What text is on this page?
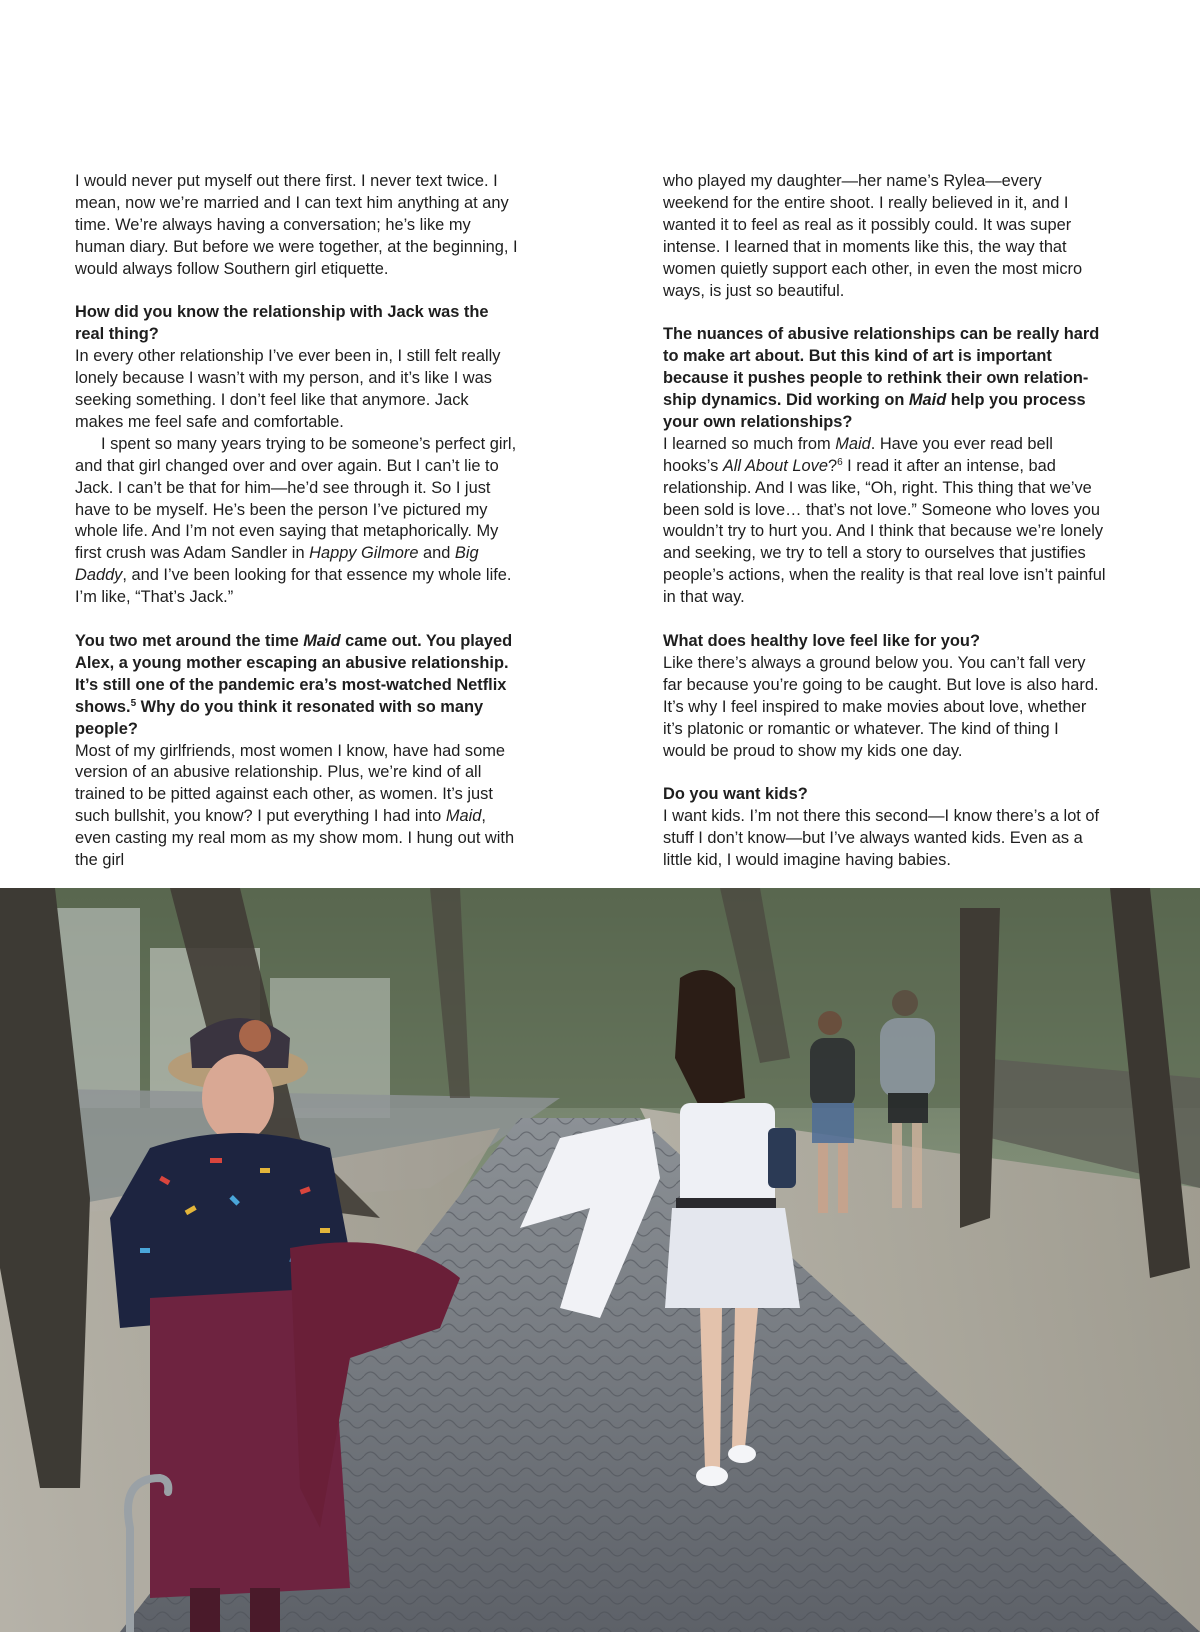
I would never put myself out there first. I never text twice. I mean, now we’re married and I can text him anything at any time. We’re always having a conversation; he’s like my human diary. But before we were together, at the beginning, I would always follow Southern girl etiquette.

How did you know the relationship with Jack was the real thing?

In every other relationship I’ve ever been in, I still felt really lonely because I wasn’t with my person, and it’s like I was seeking something. I don’t feel like that anymore. Jack makes me feel safe and comfortable.

I spent so many years trying to be someone’s perfect girl, and that girl changed over and over again. But I can’t lie to Jack. I can’t be that for him—he’d see through it. So I just have to be myself. He’s been the person I’ve pictured my whole life. And I’m not even saying that metaphorically. My first crush was Adam Sandler in Happy Gilmore and Big Daddy, and I’ve been looking for that essence my whole life. I’m like, “That’s Jack.”

You two met around the time Maid came out. You played Alex, a young mother escaping an abusive relationship. It’s still one of the pandemic era’s most-watched Netflix shows.$^5$ Why do you think it resonated with so many people?

Most of my girlfriends, most women I know, have had some version of an abusive relationship. Plus, we’re kind of all trained to be pitted against each other, as women. It’s just such bullshit, you know? I put everything I had into Maid, even casting my real mom as my show mom. I hung out with the girl

who played my daughter—her name’s Rylea—every weekend for the entire shoot. I really believed in it, and I wanted it to feel as real as it possibly could. It was super intense. I learned that in moments like this, the way that women quietly support each other, in even the most micro ways, is just so beautiful.

The nuances of abusive relationships can be really hard to make art about. But this kind of art is important because it pushes people to rethink their own relation-ship dynamics. Did working on Maid help you process your own relationships?

I learned so much from Maid. Have you ever read bell hooks’s All About Love?$^6$ I read it after an intense, bad relationship. And I was like, “Oh, right. This thing that we’ve been sold is love… that’s not love.” Someone who loves you wouldn’t try to hurt you. And I think that because we’re lonely and seeking, we try to tell a story to ourselves that justifies people’s actions, when the reality is that real love isn’t painful in that way.

What does healthy love feel like for you?

Like there’s always a ground below you. You can’t fall very far because you’re going to be caught. But love is also hard. It’s why I feel inspired to make movies about love, whether it’s platonic or romantic or whatever. The kind of thing I would be proud to show my kids one day.

Do you want kids?

I want kids. I’m not there this second—I know there’s a lot of stuff I don’t know—but I’ve always wanted kids. Even as a little kid, I would imagine having babies.
